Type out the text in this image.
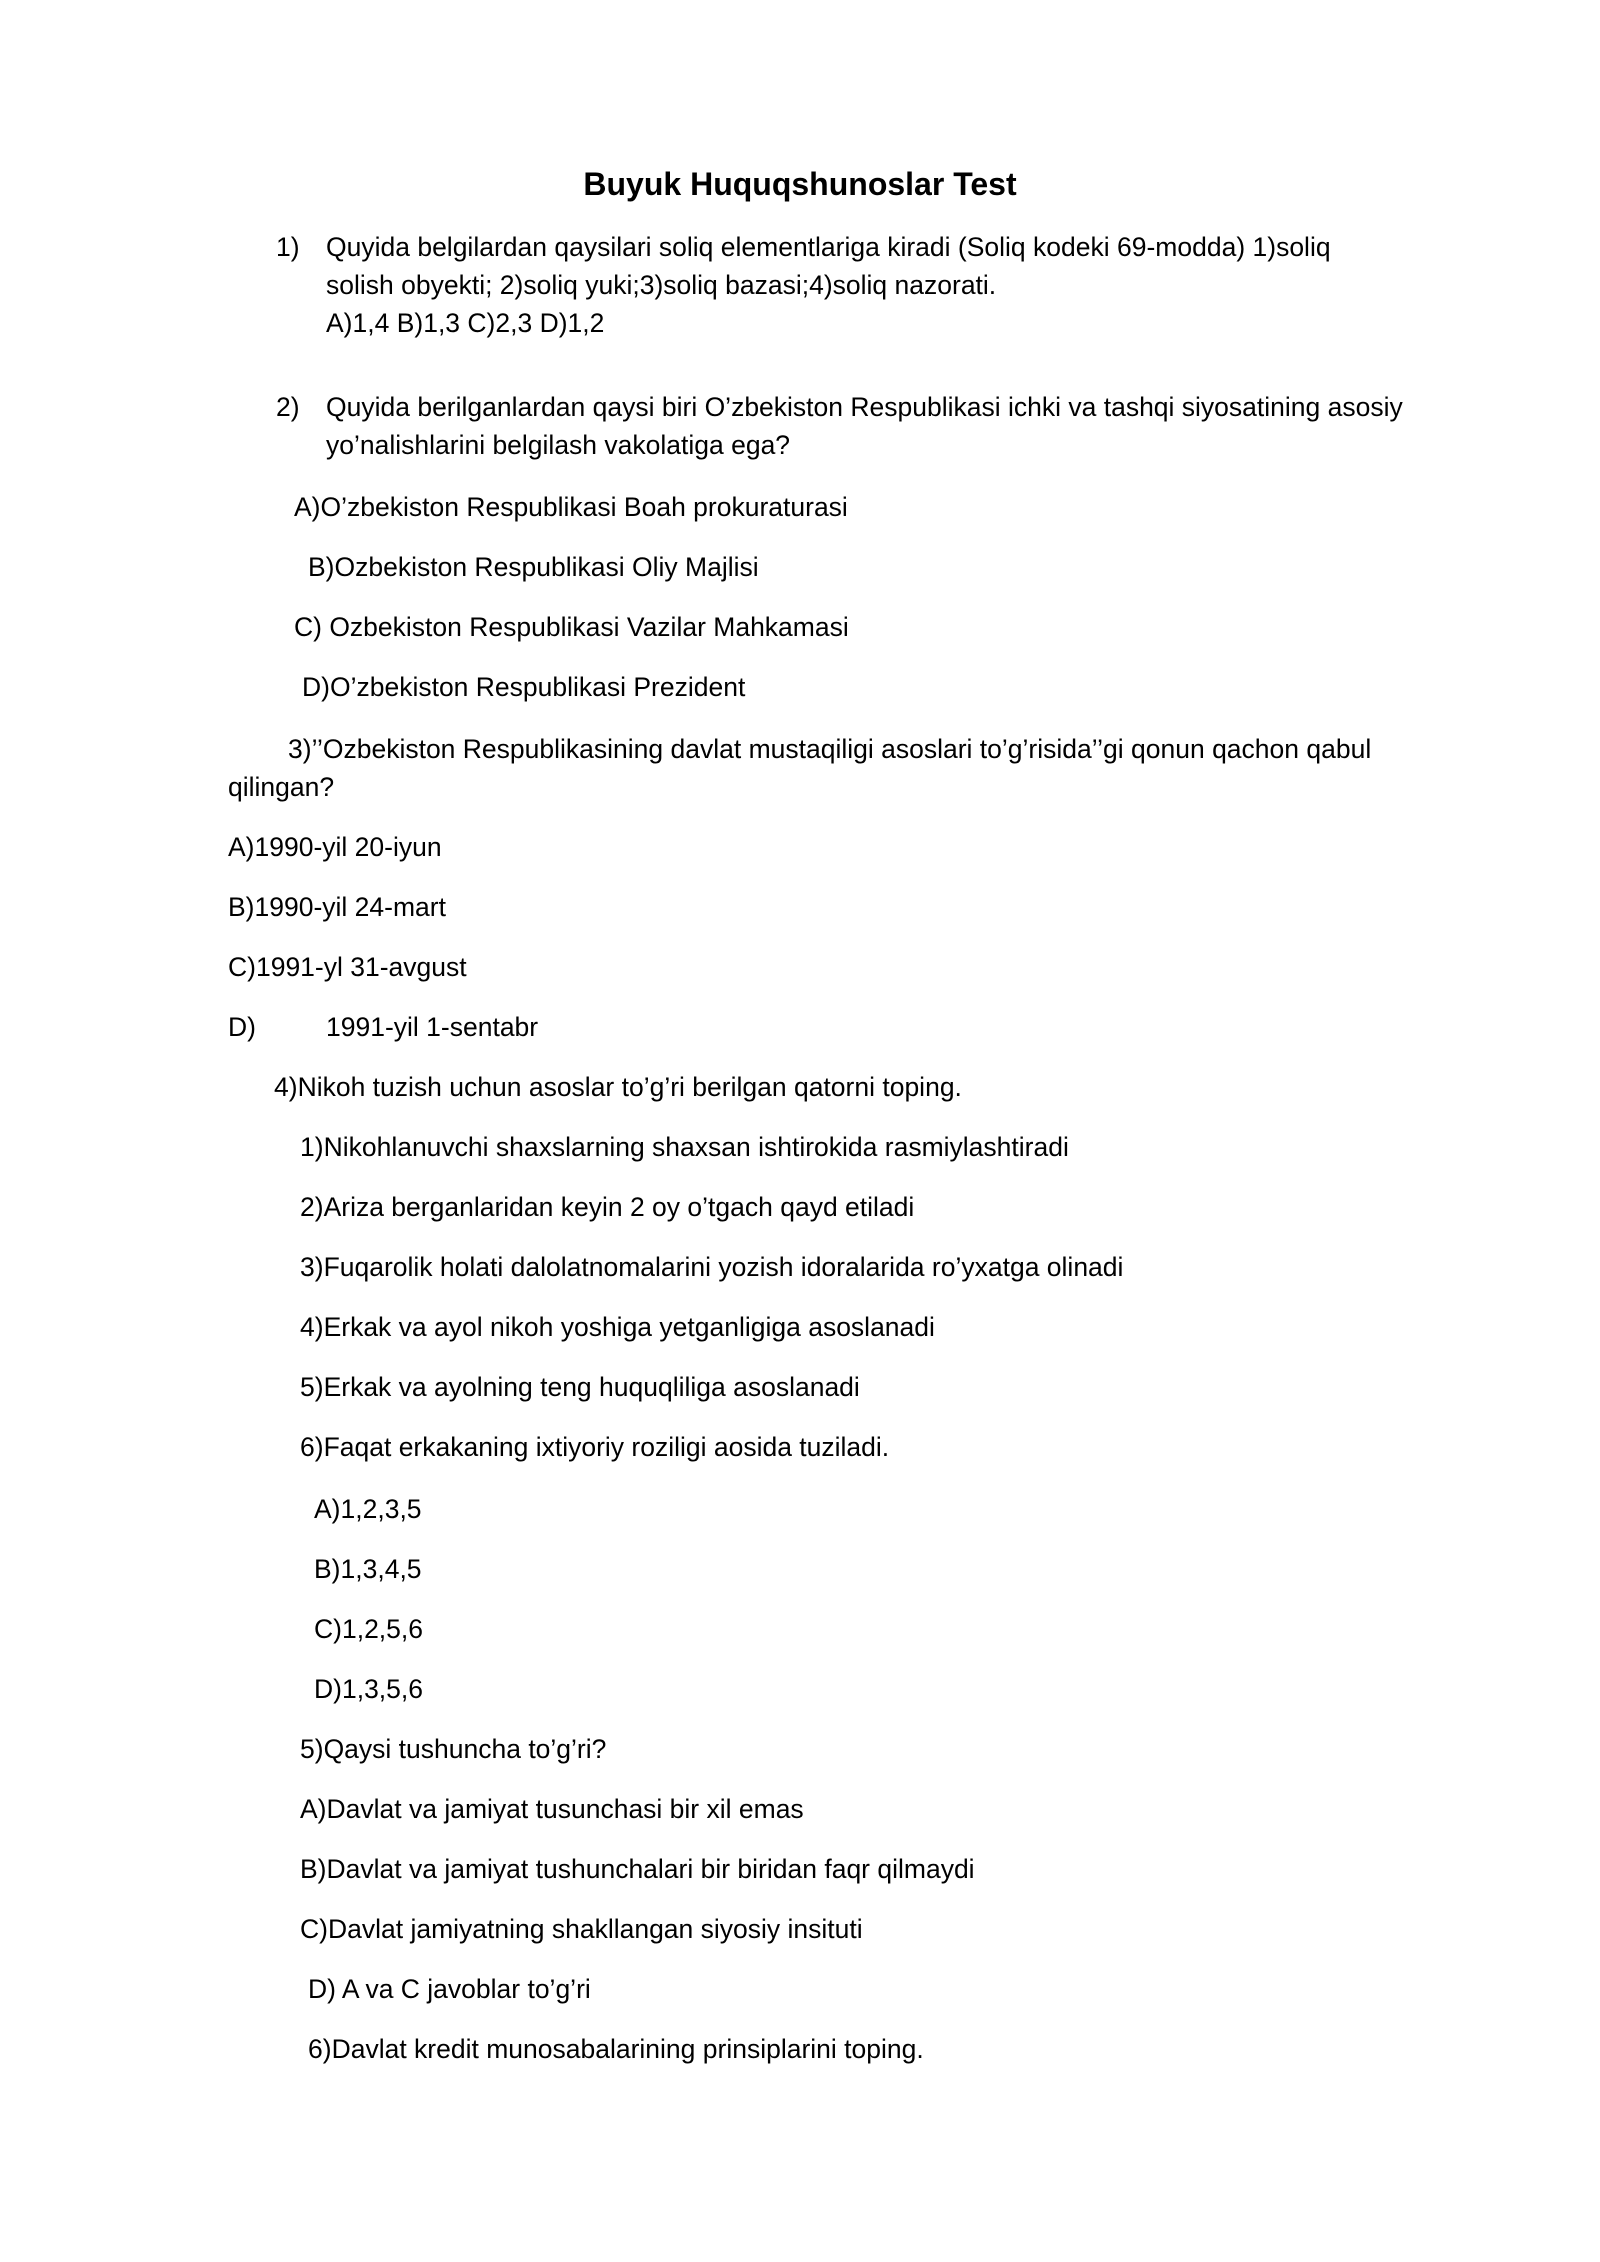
Buyuk Huquqshunoslar Test
1) Quyida belgilardan qaysilari soliq elementlariga kiradi (Soliq kodeki 69-modda) 1)soliq
solish obyekti; 2)soliq yuki;3)soliq bazasi;4)soliq nazorati.
A)1,4 B)1,3 C)2,3 D)1,2
2) Quyida berilganlardan qaysi biri O’zbekiston Respublikasi ichki va tashqi siyosatining asosiy
yo’nalishlarini belgilash vakolatiga ega?
A)O’zbekiston Respublikasi Boah prokuraturasi
B)Ozbekiston Respublikasi Oliy Majlisi
C) Ozbekiston Respublikasi Vazilar Mahkamasi
D)O’zbekiston Respublikasi Prezident
3)’’Ozbekiston Respublikasining davlat mustaqiligi asoslari to’g’risida’’gi qonun qachon qabul
qilingan?
A)1990-yil 20-iyun
B)1990-yil 24-mart
C)1991-yl 31-avgust
D)	1991-yil 1-sentabr
4)Nikoh tuzish uchun asoslar to’g’ri berilgan qatorni toping.
1)Nikohlanuvchi shaxslarning shaxsan ishtirokida rasmiylashtiradi
2)Ariza berganlaridan keyin 2 oy o’tgach qayd etiladi
3)Fuqarolik holati dalolatnomalarini yozish idoralarida ro’yxatga olinadi
4)Erkak va ayol nikoh yoshiga yetganligiga asoslanadi
5)Erkak va ayolning teng huquqliliga asoslanadi
6)Faqat erkakaning ixtiyoriy roziligi aosida tuziladi.
A)1,2,3,5
B)1,3,4,5
C)1,2,5,6
D)1,3,5,6
5)Qaysi tushuncha to’g’ri?
A)Davlat va jamiyat tusunchasi bir xil emas
B)Davlat va jamiyat tushunchalari bir biridan faqr qilmaydi
C)Davlat jamiyatning shakllangan siyosiy insituti
D) A va C javoblar to’g’ri
6)Davlat kredit munosabalarining prinsiplarini toping.
